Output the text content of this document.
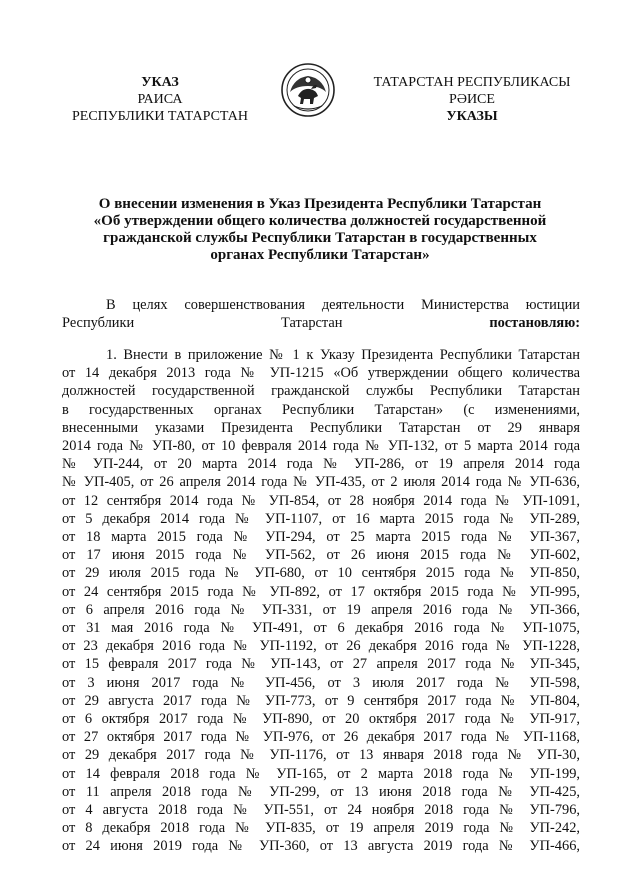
УКАЗ
РАИСА
РЕСПУБЛИКИ ТАТАРСТАН
ТАТАРСТАН РЕСПУБЛИКАСЫ
РӘИСЕ
УКАЗЫ
О внесении изменения в Указ Президента Республики Татарстан
«Об утверждении общего количества должностей государственной
гражданской службы Республики Татарстан в государственных
органах Республики Татарстан»
В целях совершенствования деятельности Министерства юстиции
Республики Татарстан постановляю:
1. Внести в приложение № 1 к Указу Президента Республики Татарстан
от 14 декабря 2013 года № УП-1215 «Об утверждении общего количества
должностей государственной гражданской службы Республики Татарстан
в государственных органах Республики Татарстан» (с изменениями,
внесенными указами Президента Республики Татарстан от 29 января
2014 года № УП-80, от 10 февраля 2014 года № УП-132, от 5 марта 2014 года
№ УП-244, от 20 марта 2014 года № УП-286, от 19 апреля 2014 года
№ УП-405, от 26 апреля 2014 года № УП-435, от 2 июля 2014 года № УП-636,
от 12 сентября 2014 года № УП-854, от 28 ноября 2014 года № УП-1091,
от 5 декабря 2014 года № УП-1107, от 16 марта 2015 года № УП-289,
от 18 марта 2015 года № УП-294, от 25 марта 2015 года № УП-367,
от 17 июня 2015 года № УП-562, от 26 июня 2015 года № УП-602,
от 29 июля 2015 года № УП-680, от 10 сентября 2015 года № УП-850,
от 24 сентября 2015 года № УП-892, от 17 октября 2015 года № УП-995,
от 6 апреля 2016 года № УП-331, от 19 апреля 2016 года № УП-366,
от 31 мая 2016 года № УП-491, от 6 декабря 2016 года № УП-1075,
от 23 декабря 2016 года № УП-1192, от 26 декабря 2016 года № УП-1228,
от 15 февраля 2017 года № УП-143, от 27 апреля 2017 года № УП-345,
от 3 июня 2017 года № УП-456, от 3 июля 2017 года № УП-598,
от 29 августа 2017 года № УП-773, от 9 сентября 2017 года № УП-804,
от 6 октября 2017 года № УП-890, от 20 октября 2017 года № УП-917,
от 27 октября 2017 года № УП-976, от 26 декабря 2017 года № УП-1168,
от 29 декабря 2017 года № УП-1176, от 13 января 2018 года № УП-30,
от 14 февраля 2018 года № УП-165, от 2 марта 2018 года № УП-199,
от 11 апреля 2018 года № УП-299, от 13 июня 2018 года № УП-425,
от 4 августа 2018 года № УП-551, от 24 ноября 2018 года № УП-796,
от 8 декабря 2018 года № УП-835, от 19 апреля 2019 года № УП-242,
от 24 июня 2019 года № УП-360, от 13 августа 2019 года № УП-466,
